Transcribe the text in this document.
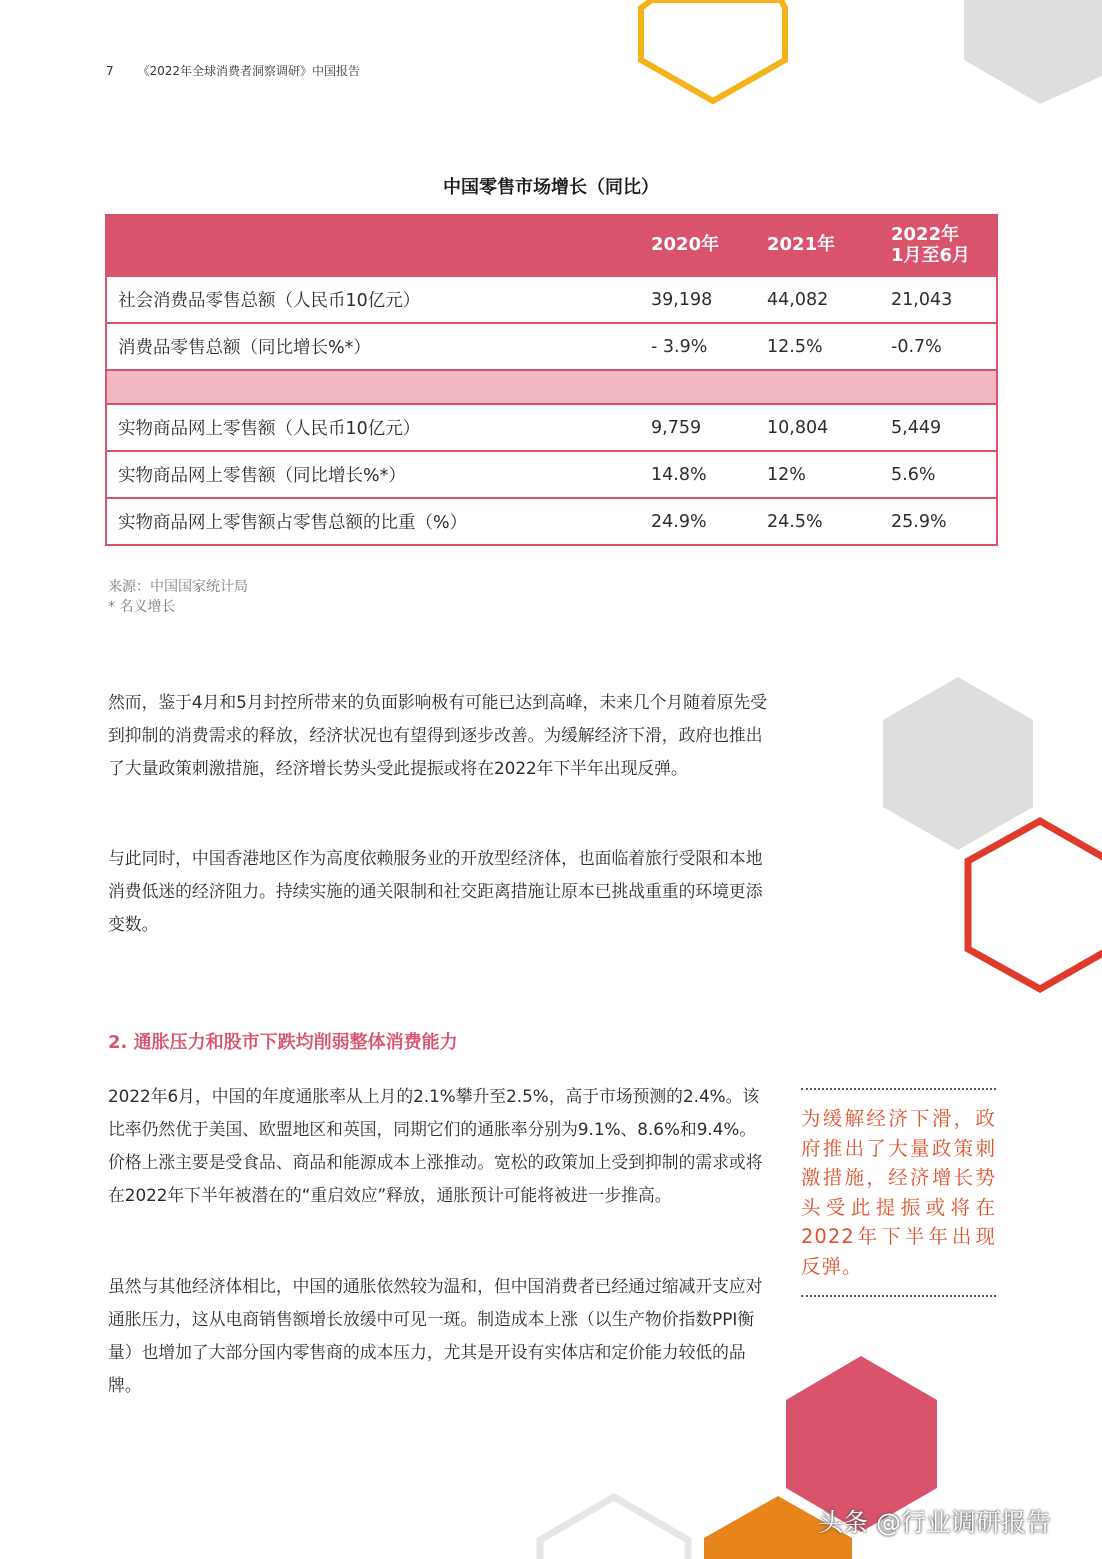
7 《2022年全球消费者洞察调研》中国报告
中国零售市场增长（同比）
	2020年	2021年	2022年
1月至6月
社会消费品零售总额（人民币10亿元）	39,198	44,082	21,043
消费品零售总额（同比增长%*）	- 3.9%	12.5%	-0.7%

实物商品网上零售额（人民币10亿元）	9,759	10,804	5,449
实物商品网上零售额（同比增长%*）	14.8%	12%	5.6%
实物商品网上零售额占零售总额的比重（%）	24.9%	24.5%	25.9%
来源：中国国家统计局
* 名义增长
然而，鉴于4月和5月封控所带来的负面影响极有可能已达到高峰，未来几个月随着原先受到抑制的消费需求的释放，经济状况也有望得到逐步改善。为缓解经济下滑，政府也推出了大量政策刺激措施，经济增长势头受此提振或将在2022年下半年出现反弹。
与此同时，中国香港地区作为高度依赖服务业的开放型经济体，也面临着旅行受限和本地消费低迷的经济阻力。持续实施的通关限制和社交距离措施让原本已挑战重重的环境更添变数。
2. 通胀压力和股市下跌均削弱整体消费能力
2022年6月，中国的年度通胀率从上月的2.1%攀升至2.5%，高于市场预测的2.4%。该比率仍然优于美国、欧盟地区和英国，同期它们的通胀率分别为9.1%、8.6%和9.4%。价格上涨主要是受食品、商品和能源成本上涨推动。宽松的政策加上受到抑制的需求或将在2022年下半年被潜在的“重启效应”释放，通胀预计可能将被进一步推高。
虽然与其他经济体相比，中国的通胀依然较为温和，但中国消费者已经通过缩减开支应对通胀压力，这从电商销售额增长放缓中可见一斑。制造成本上涨（以生产物价指数PPI衡量）也增加了大部分国内零售商的成本压力，尤其是开设有实体店和定价能力较低的品牌。
为缓解经济下滑，政府推出了大量政策刺激措施，经济增长势头受此提振或将在2022年下半年出现反弹。
头条 @行业调研报告
